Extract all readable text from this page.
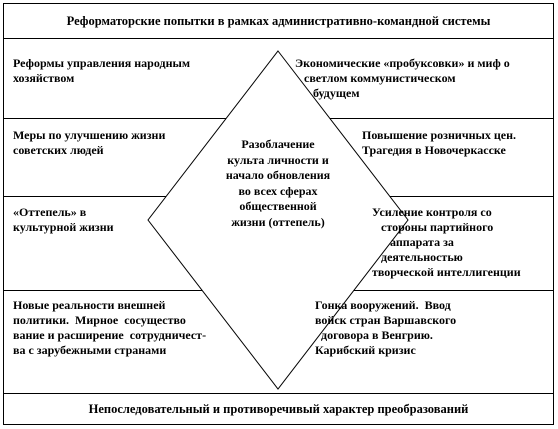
Реформаторские попытки в рамках административно-командной системы
Реформы управления народным
хозяйством
Меры по улучшению жизни
советских людей
«Оттепель» в
культурной жизни
Новые реальности внешней
политики.  Мирное  сосущество
вание и расширение  сотрудничест-
ва с зарубежными странами
Экономические «пробуксовки» и миф о
светлом коммунистическом
будущем
Повышение розничных цен.
Трагедия в Новочеркасске
Усиление контроля со
стороны партийного
аппарата за
деятельностью
творческой интеллигенции
Гонка вооружений.  Ввод
войск стран Варшавского
договора в Венгрию.
Карибский кризис
Разоблачение
культа личности и
начало обновления
во всех сферах
общественной
жизни (оттепель)
Непоследовательный и противоречивый характер преобразований
